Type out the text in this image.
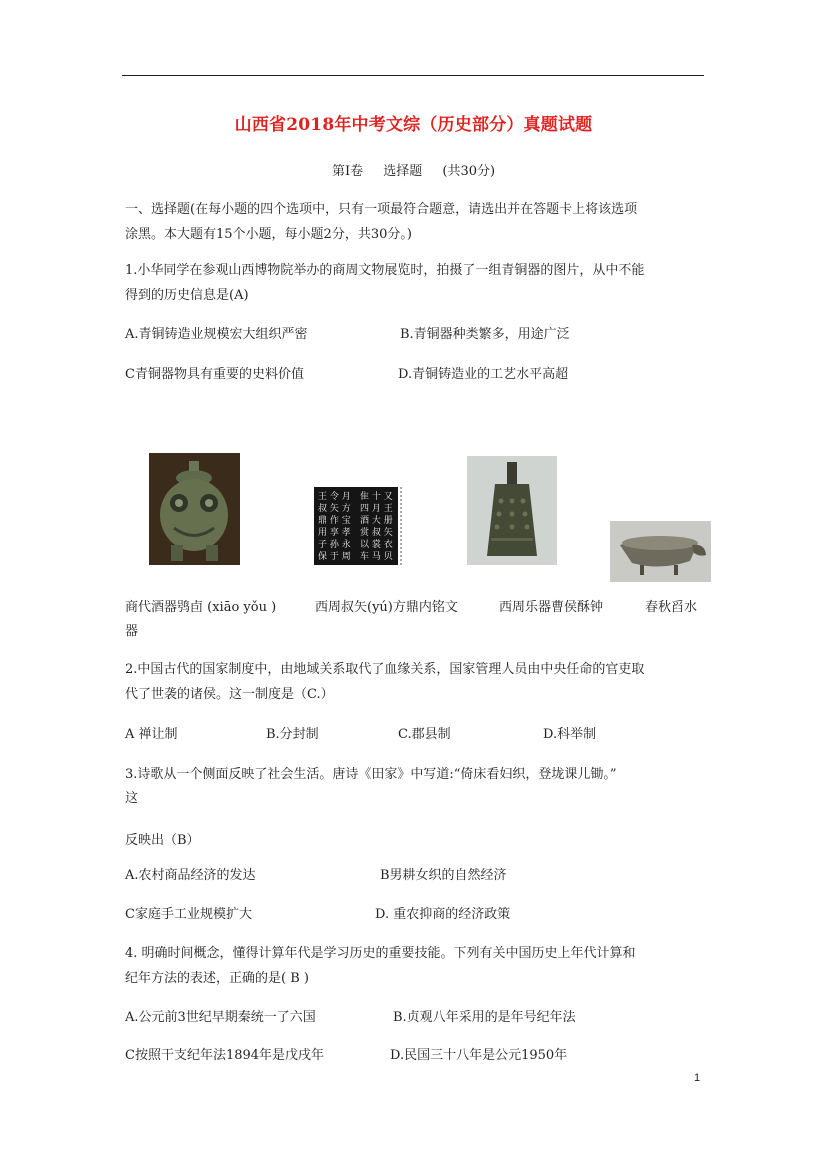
山西省2018年中考文综（历史部分）真题试题
第Ⅰ卷 选择题 (共30分)
一、选择题(在每小题的四个选项中，只有一项最符合题意，请选出并在答题卡上将该选项
涂黑。本大题有15个小题，每小题2分，共30分。)
1.小华同学在参观山西博物院举办的商周文物展览时，拍摄了一组青铜器的图片，从中不能
得到的历史信息是(A)
A.青铜铸造业规模宏大组织严密	B.青铜器种类繁多，用途广泛
C青铜器物具有重要的史料价值	D.青铜铸造业的工艺水平高超
王 令 月
叔 矢 方
鼎 作 宝
用 享 孝
子 孙 永
保 于 周
隹 十 又
四 月 王
酒 大 册
赏 叔 矢
以 裳 衣
车 马 贝
商代酒器鸮卣 (xiāo yǒu )	西周叔矢(yú)方鼎内铭文	西周乐器曹侯酥钟	春秋舀水
器
2.中国古代的国家制度中，由地域关系取代了血缘关系，国家管理人员由中央任命的官吏取
代了世袭的诸侯。这一制度是（C.）
A 禅让制	B.分封制	C.郡县制	D.科举制
3.诗歌从一个侧面反映了社会生活。唐诗《田家》中写道:“倚床看妇织，登垅课儿锄。”
这
反映出（B）
A.农村商品经济的发达	B男耕女织的自然经济
C家庭手工业规模扩大	D. 重农抑商的经济政策
4. 明确时间概念，懂得计算年代是学习历史的重要技能。下列有关中国历史上年代计算和
纪年方法的表述，正确的是( B )
A.公元前3世纪早期秦统一了六国	B.贞观八年采用的是年号纪年法
C按照干支纪年法1894年是戊戌年	D.民国三十八年是公元1950年
1
